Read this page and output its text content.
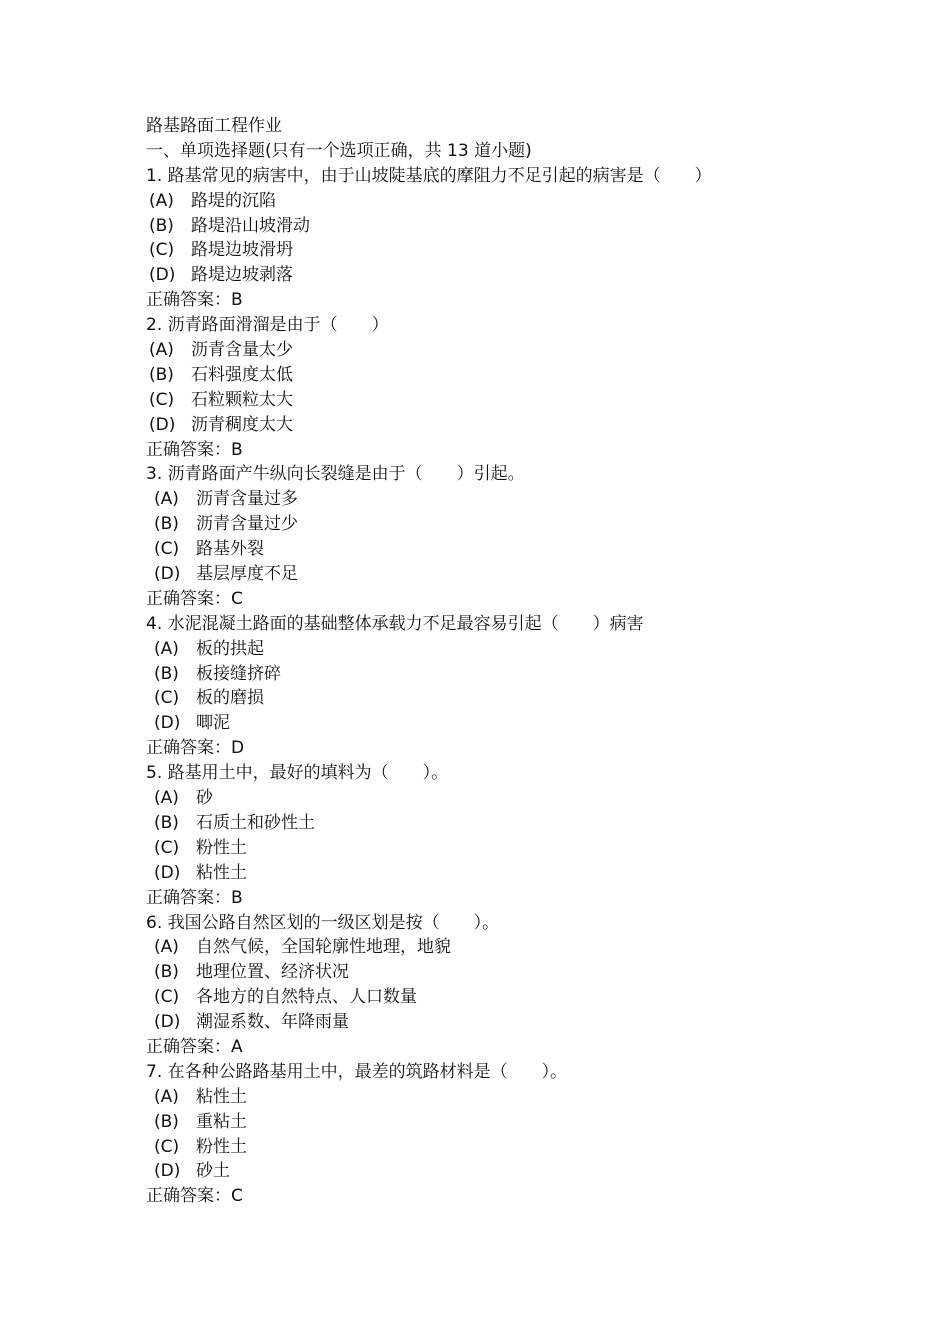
路基路面工程作业
一、单项选择题(只有一个选项正确，共 13 道小题)
1. 路基常见的病害中，由于山坡陡基底的摩阻力不足引起的病害是（　　）
(A) 路堤的沉陷
(B) 路堤沿山坡滑动
(C) 路堤边坡滑坍
(D) 路堤边坡剥落
正确答案：B
2. 沥青路面滑溜是由于（　　）
(A) 沥青含量太少
(B) 石料强度太低
(C) 石粒颗粒太大
(D) 沥青稠度太大
正确答案：B
3. 沥青路面产牛纵向长裂缝是由于（　　）引起。
(A) 沥青含量过多
(B) 沥青含量过少
(C) 路基外裂
(D) 基层厚度不足
正确答案：C
4. 水泥混凝土路面的基础整体承载力不足最容易引起（　　）病害
(A) 板的拱起
(B) 板接缝挤碎
(C) 板的磨损
(D) 唧泥
正确答案：D
5. 路基用土中，最好的填料为（　　）。
(A) 砂
(B) 石质土和砂性土
(C) 粉性土
(D) 粘性土
正确答案：B
6. 我国公路自然区划的一级区划是按（　　）。
(A) 自然气候，全国轮廓性地理，地貌
(B) 地理位置、经济状况
(C) 各地方的自然特点、人口数量
(D) 潮湿系数、年降雨量
正确答案：A
7. 在各种公路路基用土中，最差的筑路材料是（　　）。
(A) 粘性土
(B) 重粘土
(C) 粉性土
(D) 砂土
正确答案：C
